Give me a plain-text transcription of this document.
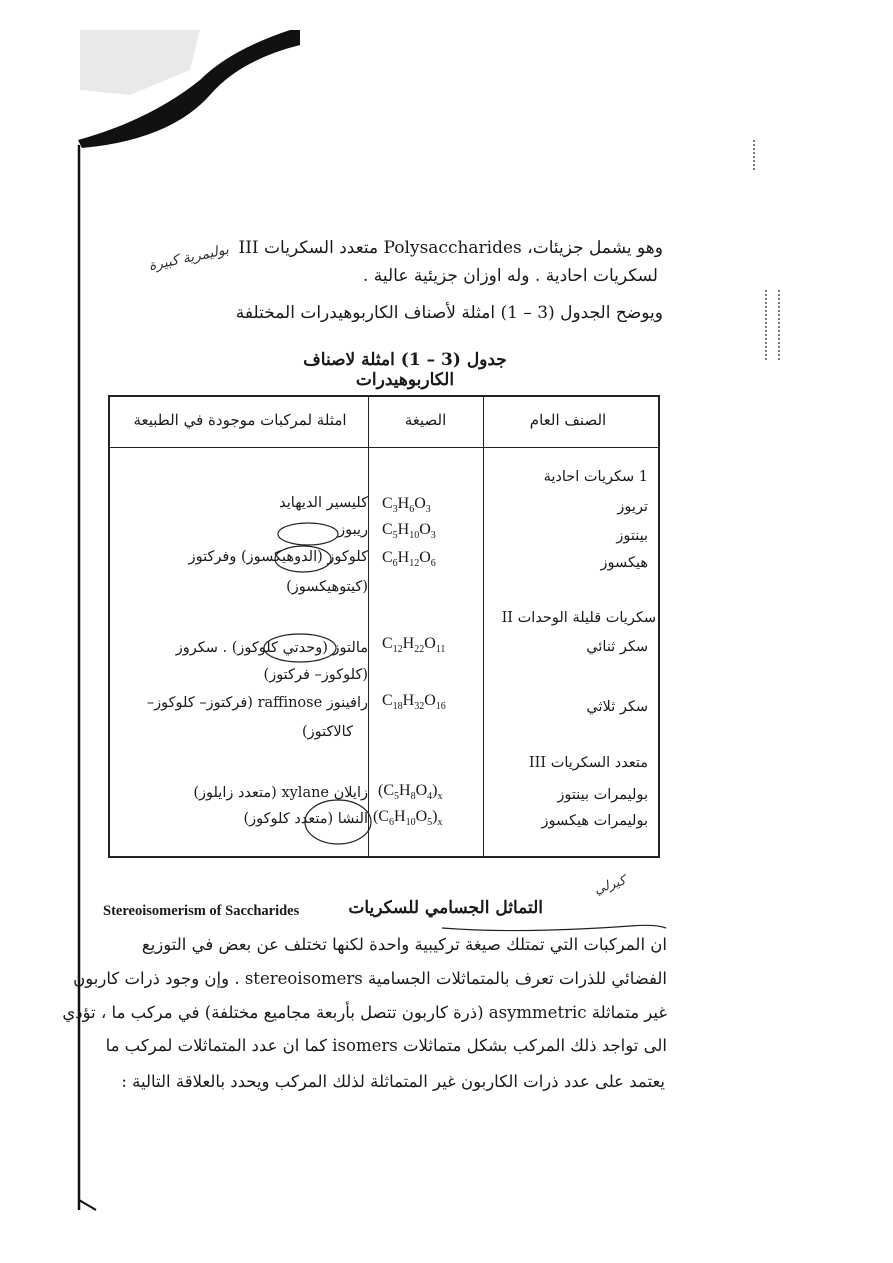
III متعدد السكريات Polysaccharides ،وهو يشمل جزيئات
لسكريات احادية . وله اوزان جزيئية عالية .
ويوضح الجدول (3 – 1) امثلة لأصناف الكاربوهيدرات المختلفة
بوليمرية كبيرة
جدول (3 – 1) امثلة لاصناف الكاربوهيدرات
الصنف العام
الصيغة
امثلة لمركبات موجودة في الطبيعة
1 سكريات احادية
تريوز
$C_3H_6O_3$
كليسير الديهايد
بينتوز
$C_5H_{10}O_3$
ريبوز
هيكسوز
$C_6H_{12}O_6$
كلوكوز (الدوهيكسوز) وفركتوز
(كيتوهيكسوز)
II سكريات قليلة الوحدات
سكر ثنائي
$C_{12}H_{22}O_{11}$
مالتوز (وحدتي كلوكوز) . سكروز
(كلوكوز– فركتوز)
سكر ثلاثي
$C_{18}H_{32}O_{16}$
رافينوز raffinose (فركتوز– كلوكوز–
كالاكتوز)
III متعدد السكريات
بوليمرات بينتوز
$(C_5H_8O_4)_x$
زايلان xylane (متعدد زايلوز)
بوليمرات هيكسوز
$(C_6H_{10}O_5)_x$
النشا (متعدد كلوكوز)
Stereoisomerism of Saccharides	التماثل الجسامي للسكريات
كيرلي
ان المركبات التي تمتلك صيغة تركيبية واحدة لكنها تختلف عن بعض في التوزيع
الفضائي للذرات تعرف بالمتماثلات الجسامية stereoisomers . وإن وجود ذرات كاربون
غير متماثلة asymmetric (ذرة كاربون تتصل بأربعة مجاميع مختلفة) في مركب ما ، تؤدي
الى تواجد ذلك المركب بشكل متماثلات isomers كما ان عدد المتماثلات لمركب ما
يعتمد على عدد ذرات الكاربون غير المتماثلة لذلك المركب ويحدد بالعلاقة التالية :
